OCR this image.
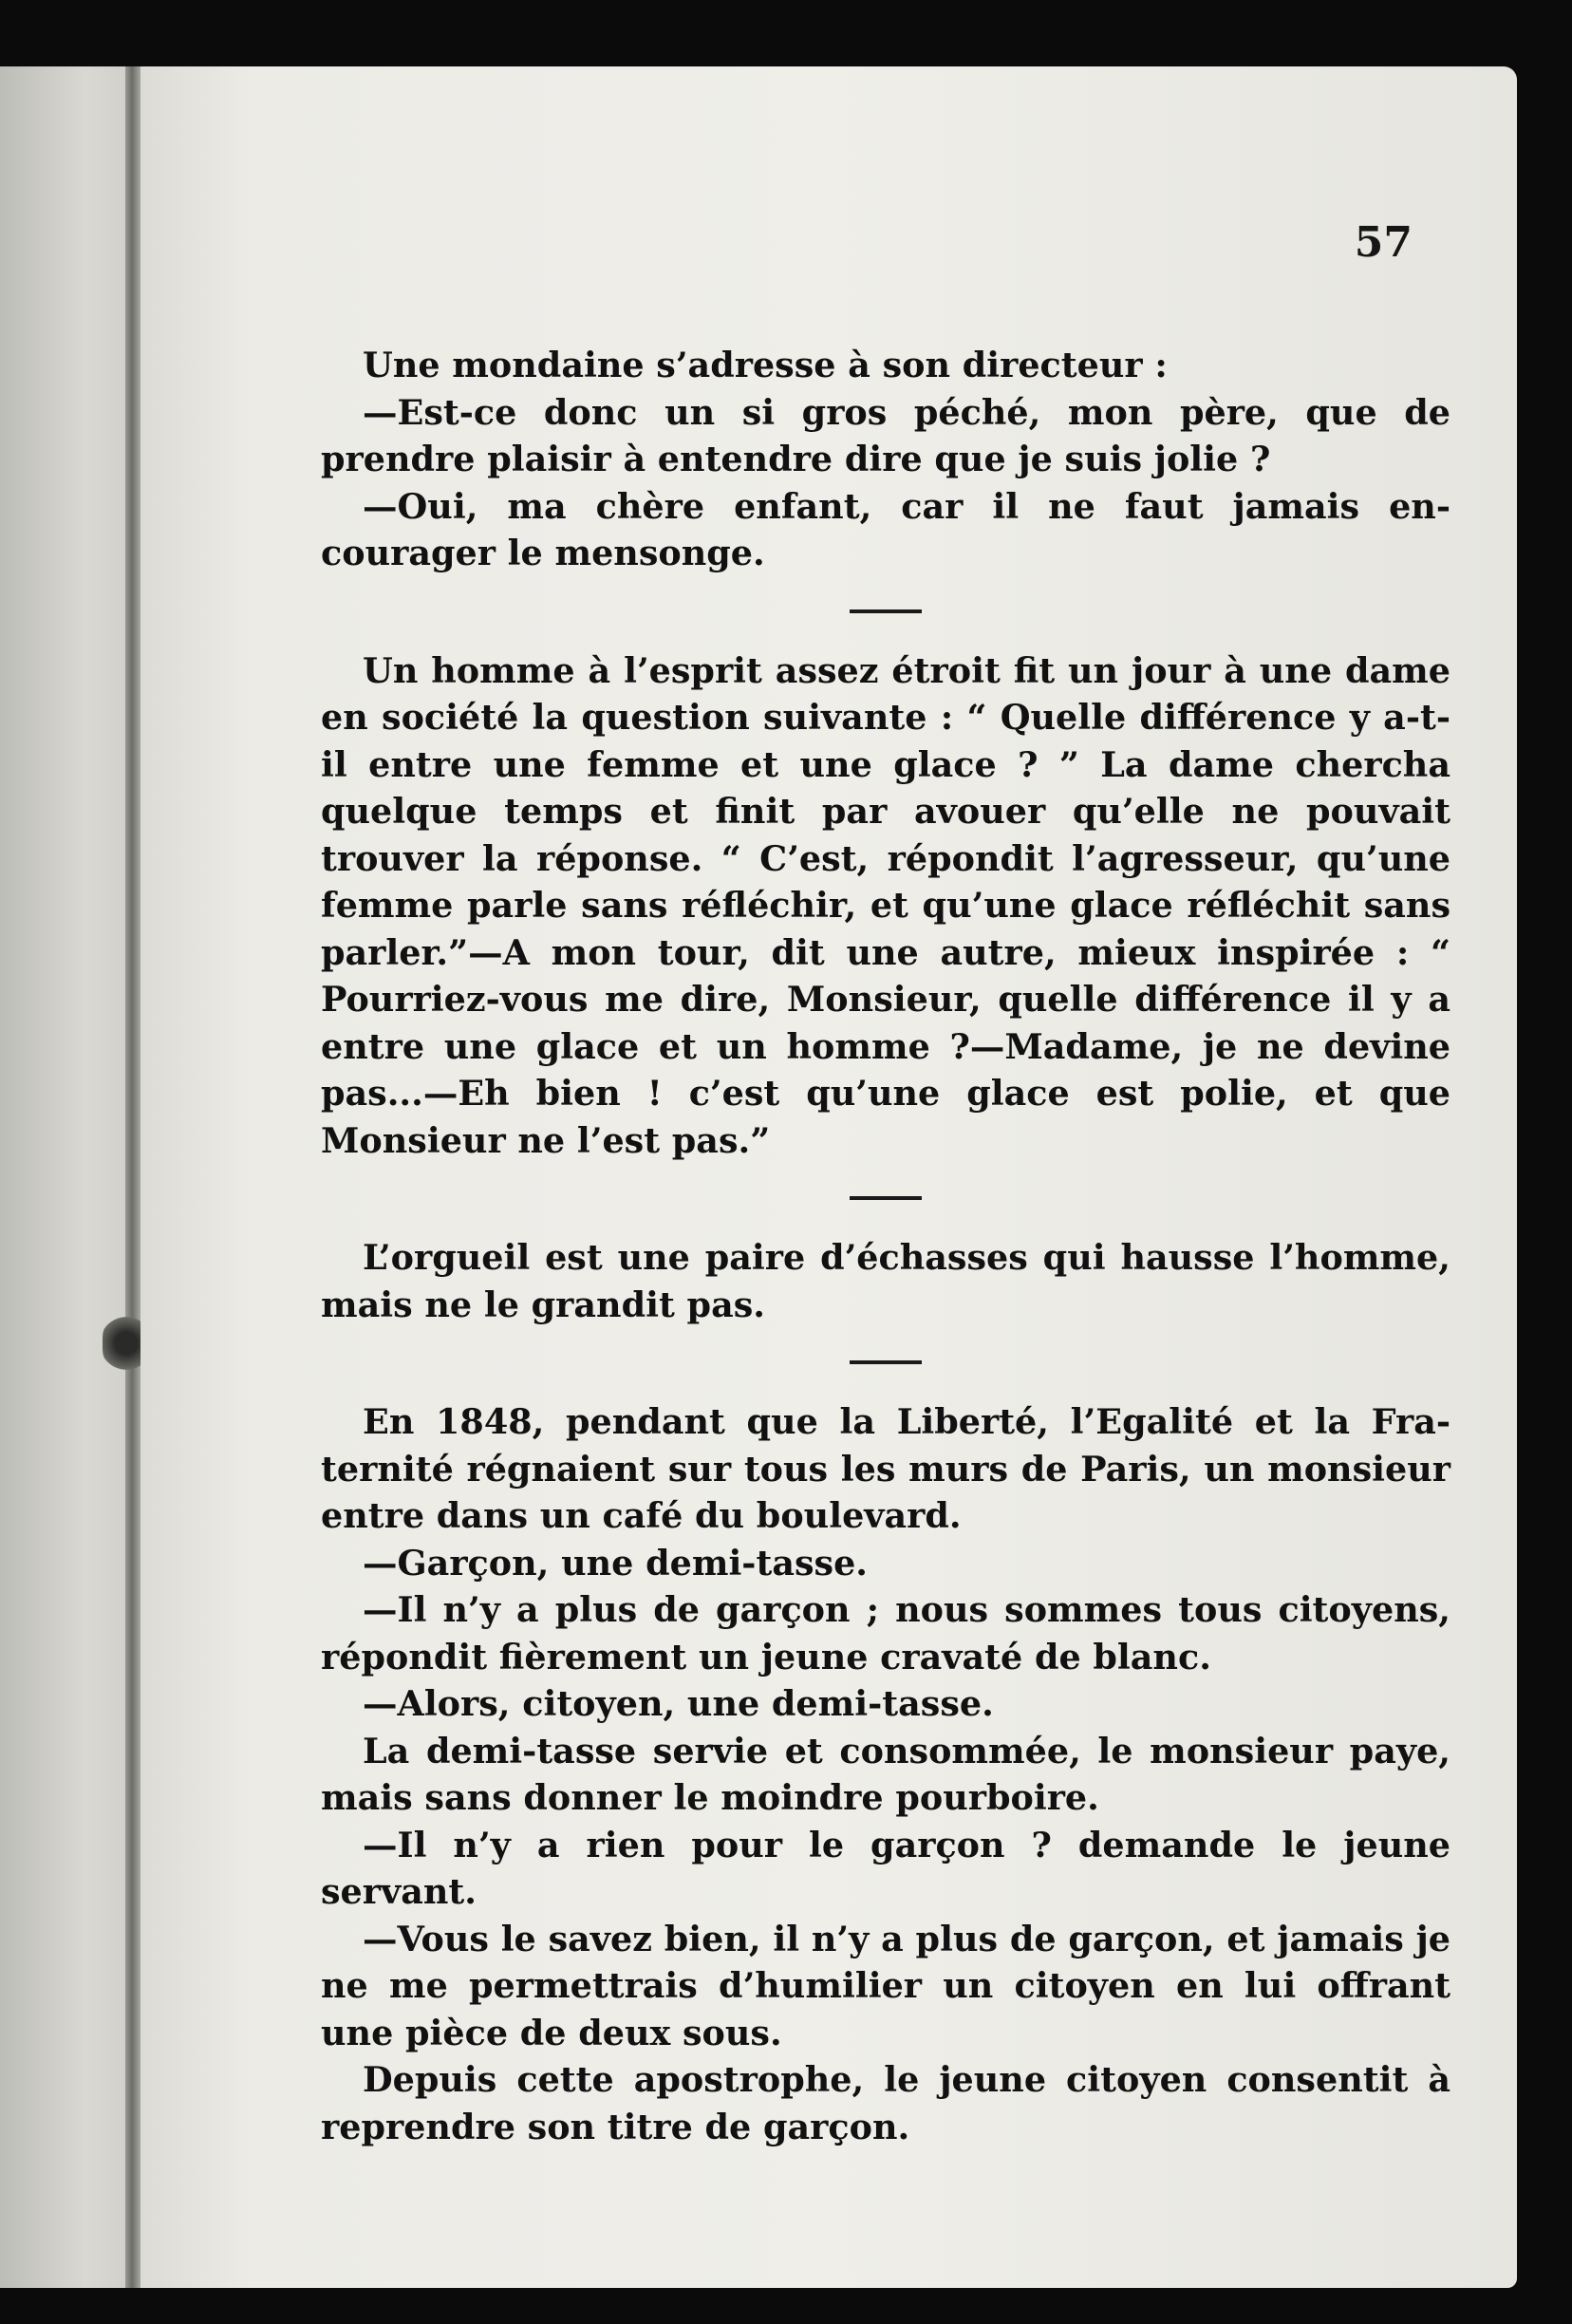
57

Une mondaine s’adresse à son directeur :

—Est-ce donc un si gros péché, mon père, que de prendre plaisir à entendre dire que je suis jolie ?

—Oui, ma chère enfant, car il ne faut jamais encourager le mensonge.

Un homme à l’esprit assez étroit fit un jour à une dame en société la question suivante : “ Quelle différence y a-t-il entre une femme et une glace ? ” La dame chercha quelque temps et finit par avouer qu’elle ne pouvait trouver la réponse. “ C’est, répondit l’agresseur, qu’une femme parle sans réfléchir, et qu’une glace réfléchit sans parler.”—A mon tour, dit une autre, mieux inspirée : “ Pourriez-vous me dire, Monsieur, quelle différence il y a entre une glace et un homme ?—Madame, je ne devine pas...—Eh bien ! c’est qu’une glace est polie, et que Monsieur ne l’est pas.”

L’orgueil est une paire d’échasses qui hausse l’homme, mais ne le grandit pas.

En 1848, pendant que la Liberté, l’Egalité et la Fraternité régnaient sur tous les murs de Paris, un monsieur entre dans un café du boulevard.

—Garçon, une demi-tasse.

—Il n’y a plus de garçon ; nous sommes tous citoyens, répondit fièrement un jeune cravaté de blanc.

—Alors, citoyen, une demi-tasse.

La demi-tasse servie et consommée, le monsieur paye, mais sans donner le moindre pourboire.

—Il n’y a rien pour le garçon ? demande le jeune servant.

—Vous le savez bien, il n’y a plus de garçon, et jamais je ne me permettrais d’humilier un citoyen en lui offrant une pièce de deux sous.

Depuis cette apostrophe, le jeune citoyen consentit à reprendre son titre de garçon.
